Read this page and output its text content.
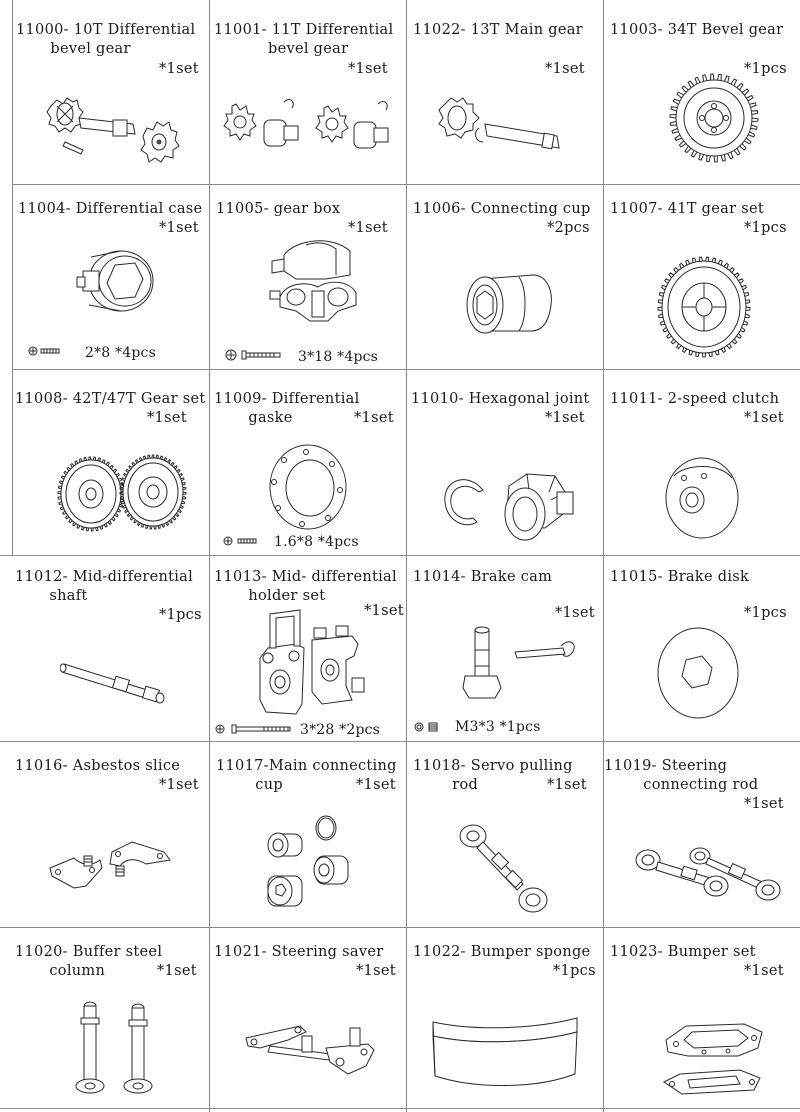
11000- 10T Differential
bevel gear
*1set
11001- 11T Differential
bevel gear
*1set
11022- 13T Main gear
*1set
11003- 34T Bevel gear
*1pcs
11004- Differential case
*1set
2*8 *4pcs
11005- gear box
*1set
3*18 *4pcs
11006- Connecting cup
*2pcs
11007- 41T gear set
*1pcs
11008- 42T/47T Gear set
*1set
11009- Differential
gaske	*1set
1.6*8 *4pcs
11010- Hexagonal joint
*1set
11011- 2-speed clutch
*1set
11012- Mid-differential
shaft
*1pcs
11013- Mid- differential
holder set
*1set
3*28 *2pcs
11014- Brake cam
*1set
M3*3 *1pcs
11015- Brake disk
*1pcs
11016- Asbestos slice
*1set
11017-Main connecting
cup	*1set
11018- Servo pulling
rod	*1set
11019- Steering
connecting rod
*1set
11020- Buffer steel
column	*1set
11021- Steering saver
*1set
11022- Bumper sponge
*1pcs
11023- Bumper set
*1set
